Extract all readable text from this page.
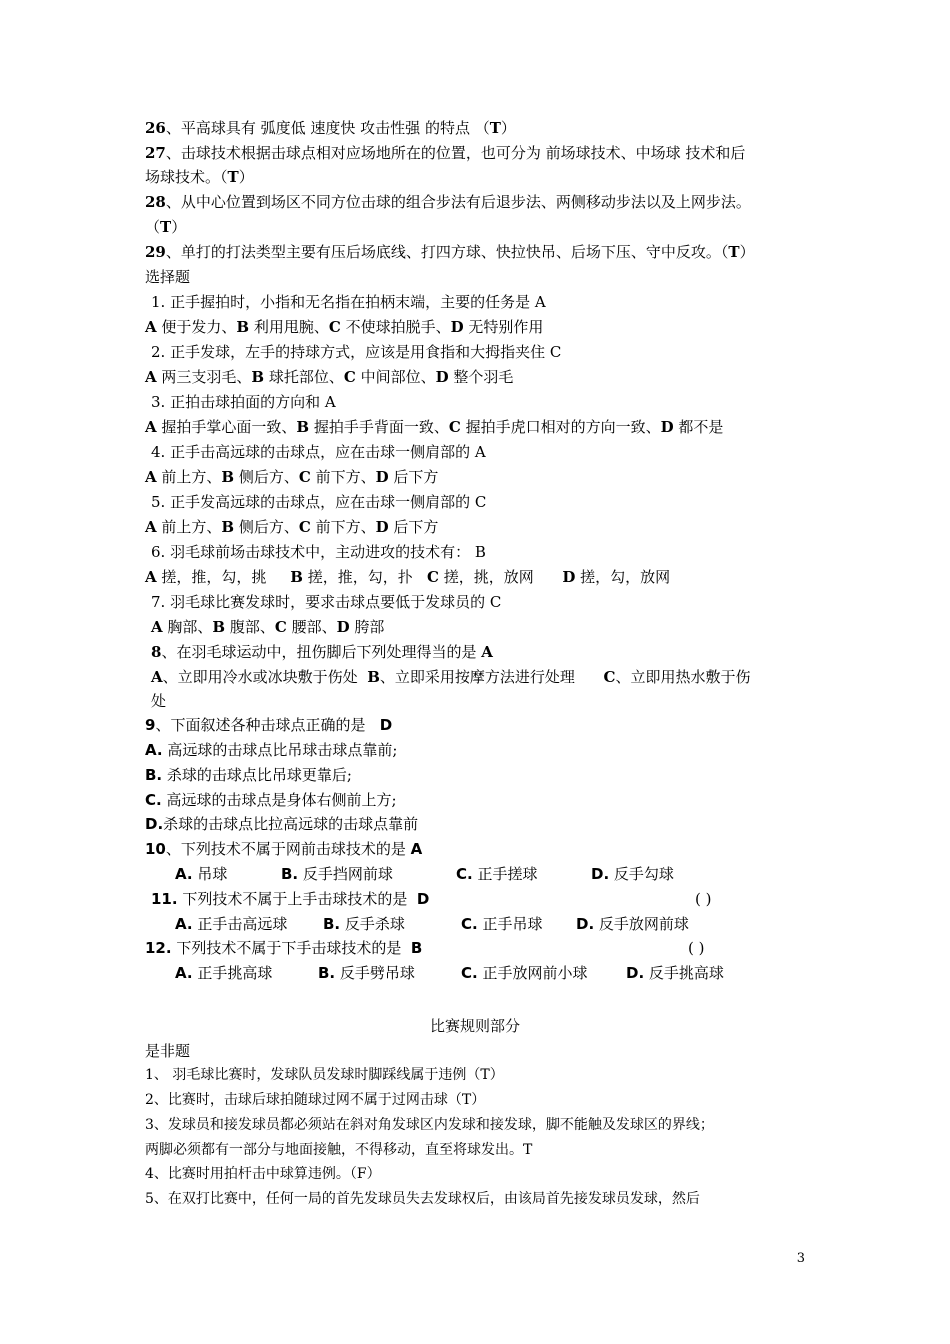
26、平高球具有 弧度低 速度快 攻击性强 的特点 （T）
27、击球技术根据击球点相对应场地所在的位置，也可分为 前场球技术、中场球 技术和后
场球技术。（T）
28、从中心位置到场区不同方位击球的组合步法有后退步法、两侧移动步法以及上网步法。
（T）
29、单打的打法类型主要有压后场底线、打四方球、快拉快吊、后场下压、守中反攻。（T）
选择题
1. 正手握拍时，小指和无名指在拍柄末端，主要的任务是 A
A 便于发力、B 利用甩腕、C 不使球拍脱手、D 无特别作用
2. 正手发球，左手的持球方式，应该是用食指和大拇指夹住 C
A 两三支羽毛、B 球托部位、C 中间部位、D 整个羽毛
3. 正拍击球拍面的方向和 A
A 握拍手掌心面一致、B 握拍手手背面一致、C 握拍手虎口相对的方向一致、D 都不是
4. 正手击高远球的击球点，应在击球一侧肩部的 A
A 前上方、B 侧后方、C 前下方、D 后下方
5. 正手发高远球的击球点，应在击球一侧肩部的 C
A 前上方、B 侧后方、C 前下方、D 后下方
6. 羽毛球前场击球技术中，主动进攻的技术有： B
A 搓，推，勾，挑     B 搓，推，勾，扑   C 搓，挑，放网      D 搓，勾，放网
7. 羽毛球比赛发球时，要求击球点要低于发球员的 C
A 胸部、B 腹部、C 腰部、D 胯部
8、在羽毛球运动中，扭伤脚后下列处理得当的是 A
A、立即用冷水或冰块敷于伤处  B、立即采用按摩方法进行处理      C、立即用热水敷于伤
处
9、下面叙述各种击球点正确的是   D
A. 高远球的击球点比吊球击球点靠前;
B. 杀球的击球点比吊球更靠后;
C. 高远球的击球点是身体右侧前上方;
D.杀球的击球点比拉高远球的击球点靠前
10、下列技术不属于网前击球技术的是 A
A. 吊球	B. 反手挡网前球	C. 正手搓球	D. 反手勾球
11. 下列技术不属于上手击球技术的是  D	( )
A. 正手击高远球 B. 反手杀球	C. 正手吊球 D. 反手放网前球
12. 下列技术不属于下手击球技术的是  B	( )
A. 正手挑高球	B. 反手劈吊球	C. 正手放网前小球	D. 反手挑高球
比赛规则部分
是非题
1、 羽毛球比赛时，发球队员发球时脚踩线属于违例（T）
2、比赛时，击球后球拍随球过网不属于过网击球（T）
3、发球员和接发球员都必须站在斜对角发球区内发球和接发球，脚不能触及发球区的界线；
两脚必须都有一部分与地面接触，不得移动，直至将球发出。T
4、比赛时用拍杆击中球算违例。（F）
5、在双打比赛中，任何一局的首先发球员失去发球权后，由该局首先接发球员发球，然后
3
